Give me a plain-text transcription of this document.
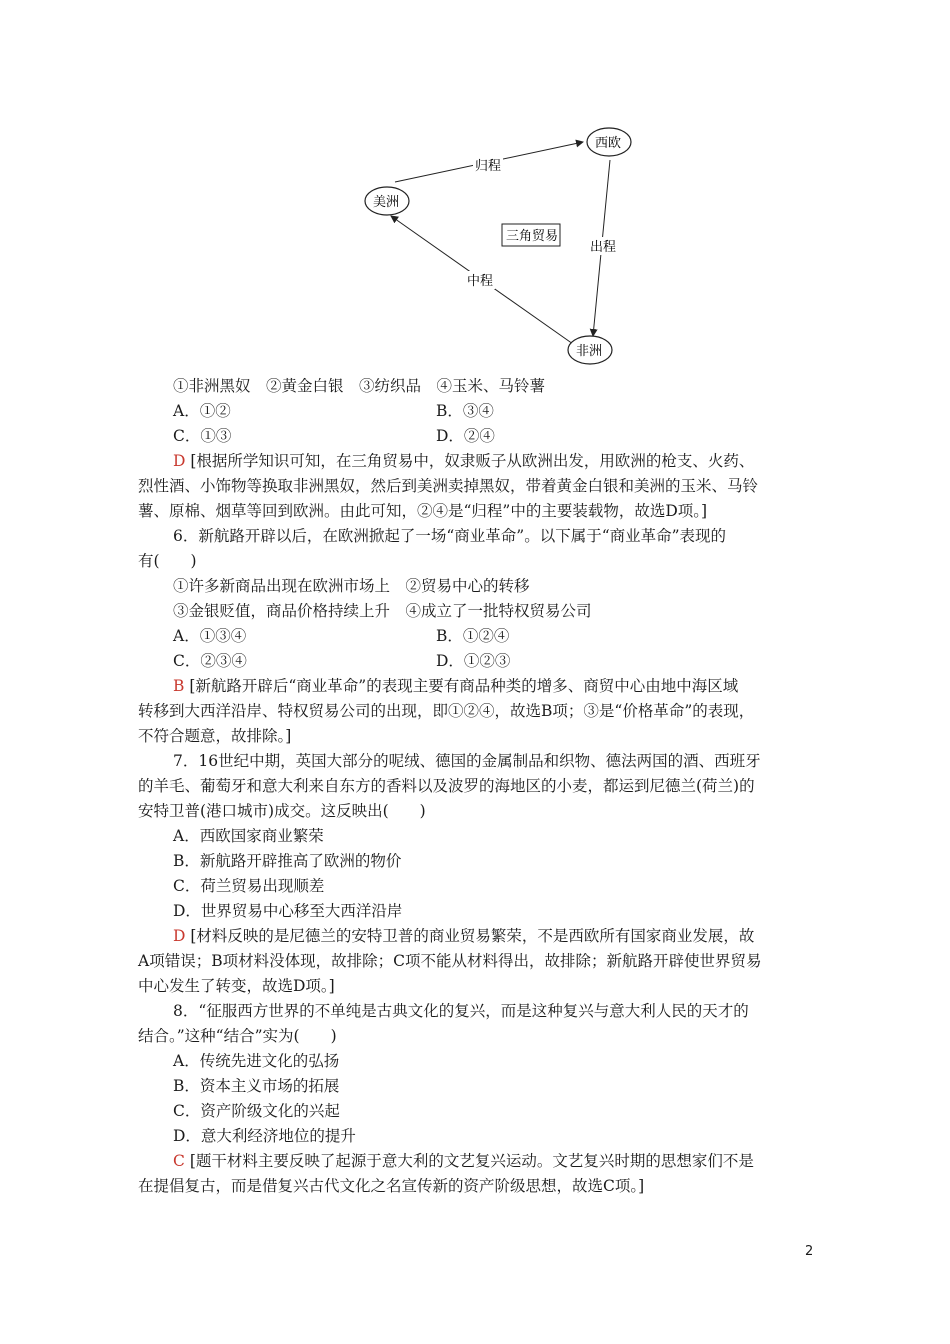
归程
出程
中程
三角贸易
西欧
美洲
非洲
①非洲黑奴　②黄金白银　③纺织品　④玉米、马铃薯
A．①②	B．③④
C．①③	D．②④
D [根据所学知识可知，在三角贸易中，奴隶贩子从欧洲出发，用欧洲的枪支、火药、
烈性酒、小饰物等换取非洲黑奴，然后到美洲卖掉黑奴，带着黄金白银和美洲的玉米、马铃
薯、原棉、烟草等回到欧洲。由此可知，②④是“归程”中的主要装载物，故选D项。]
6．新航路开辟以后，在欧洲掀起了一场“商业革命”。以下属于“商业革命”表现的
有(　　)
①许多新商品出现在欧洲市场上　②贸易中心的转移
③金银贬值，商品价格持续上升　④成立了一批特权贸易公司
A．①③④	B．①②④
C．②③④	D．①②③
B [新航路开辟后“商业革命”的表现主要有商品种类的增多、商贸中心由地中海区域
转移到大西洋沿岸、特权贸易公司的出现，即①②④，故选B项；③是“价格革命”的表现，
不符合题意，故排除。]
7．16世纪中期，英国大部分的呢绒、德国的金属制品和织物、德法两国的酒、西班牙
的羊毛、葡萄牙和意大利来自东方的香料以及波罗的海地区的小麦，都运到尼德兰(荷兰)的
安特卫普(港口城市)成交。这反映出(　　)
A．西欧国家商业繁荣
B．新航路开辟推高了欧洲的物价
C．荷兰贸易出现顺差
D．世界贸易中心移至大西洋沿岸
D [材料反映的是尼德兰的安特卫普的商业贸易繁荣，不是西欧所有国家商业发展，故
A项错误；B项材料没体现，故排除；C项不能从材料得出，故排除；新航路开辟使世界贸易
中心发生了转变，故选D项。]
8．“征服西方世界的不单纯是古典文化的复兴，而是这种复兴与意大利人民的天才的
结合。”这种“结合”实为(　　)
A．传统先进文化的弘扬
B．资本主义市场的拓展
C．资产阶级文化的兴起
D．意大利经济地位的提升
C [题干材料主要反映了起源于意大利的文艺复兴运动。文艺复兴时期的思想家们不是
在提倡复古，而是借复兴古代文化之名宣传新的资产阶级思想，故选C项。]
2
